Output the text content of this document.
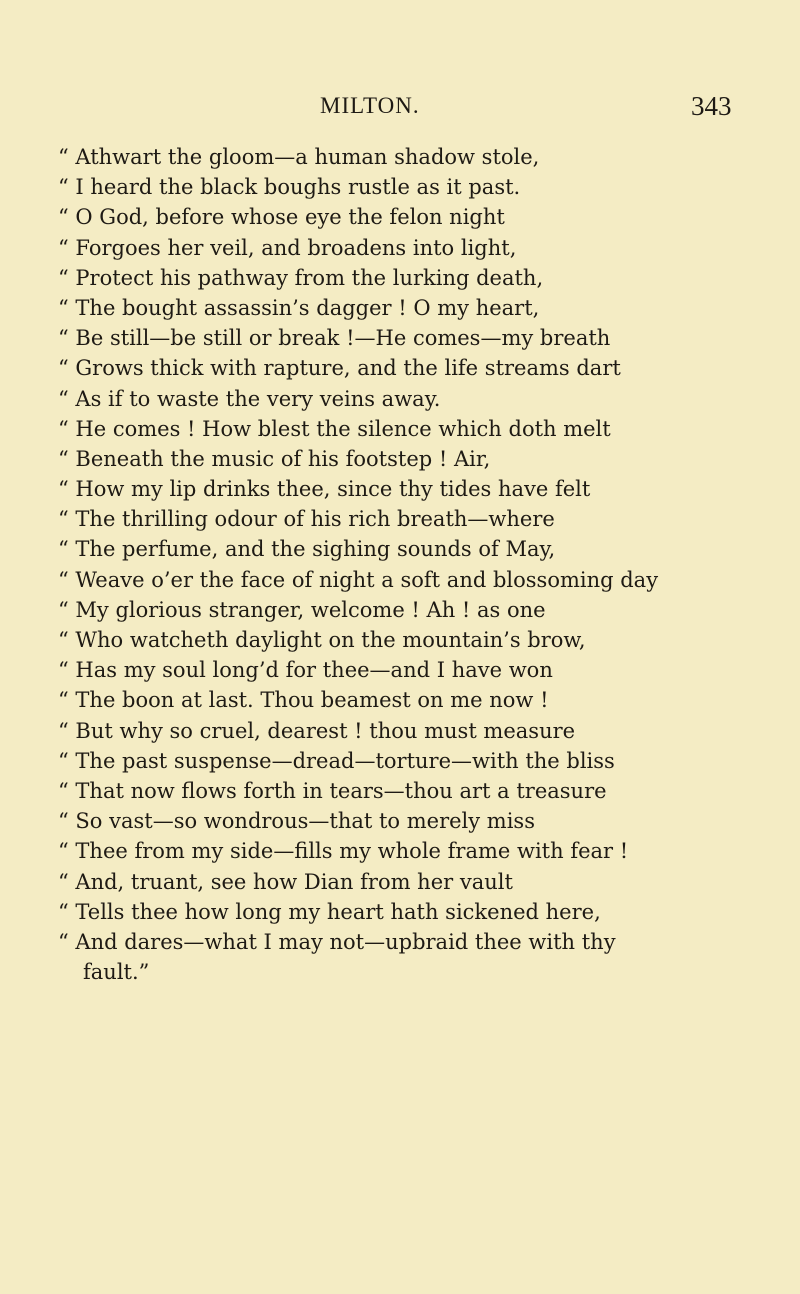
MILTON.	343
“ Athwart the gloom—a human shadow stole,
“ I heard the black boughs rustle as it past.
“ O God, before whose eye the felon night
“ Forgoes her veil, and broadens into light,
“ Protect his pathway from the lurking death,
“ The bought assassin’s dagger ! O my heart,
“ Be still—be still or break !—He comes—my breath
“ Grows thick with rapture, and the life streams dart
“ As if to waste the very veins away.
“ He comes ! How blest the silence which doth melt
“ Beneath the music of his footstep ! Air,
“ How my lip drinks thee, since thy tides have felt
“ The thrilling odour of his rich breath—where
“ The perfume, and the sighing sounds of May,
“ Weave o’er the face of night a soft and blossoming day
“ My glorious stranger, welcome ! Ah ! as one
“ Who watcheth daylight on the mountain’s brow,
“ Has my soul long’d for thee—and I have won
“ The boon at last. Thou beamest on me now !
“ But why so cruel, dearest ! thou must measure
“ The past suspense—dread—torture—with the bliss
“ That now flows forth in tears—thou art a treasure
“ So vast—so wondrous—that to merely miss
“ Thee from my side—fills my whole frame with fear !
“ And, truant, see how Dian from her vault
“ Tells thee how long my heart hath sickened here,
“ And dares—what I may not—upbraid thee with thy
fault.”
